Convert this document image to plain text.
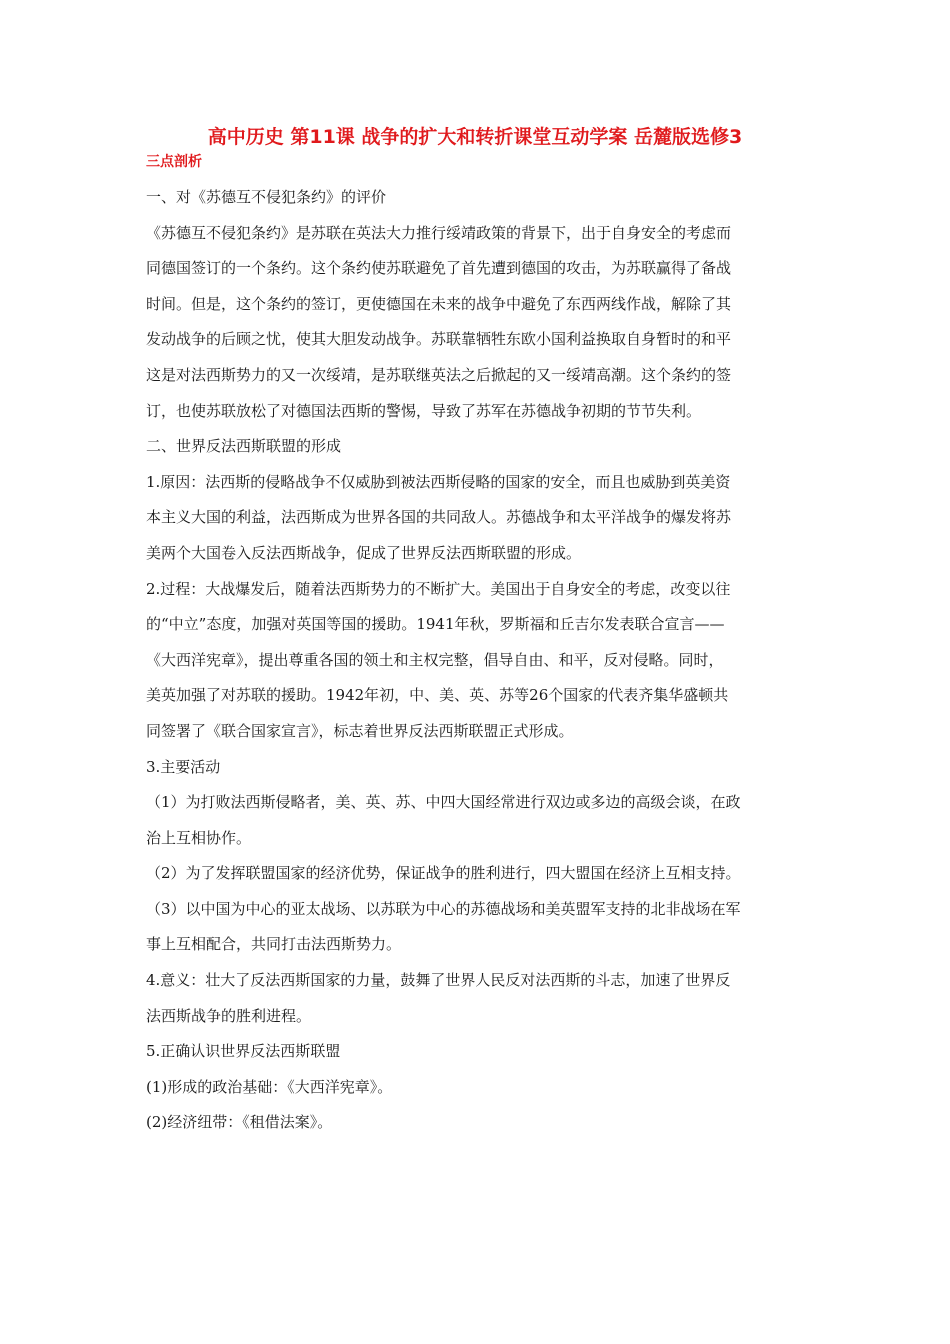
高中历史 第11课 战争的扩大和转折课堂互动学案 岳麓版选修3
三点剖析
一、对《苏德互不侵犯条约》的评价
《苏德互不侵犯条约》是苏联在英法大力推行绥靖政策的背景下，出于自身安全的考虑而
同德国签订的一个条约。这个条约使苏联避免了首先遭到德国的攻击，为苏联赢得了备战
时间。但是，这个条约的签订，更使德国在未来的战争中避免了东西两线作战，解除了其
发动战争的后顾之忧，使其大胆发动战争。苏联靠牺牲东欧小国利益换取自身暂时的和平
这是对法西斯势力的又一次绥靖，是苏联继英法之后掀起的又一绥靖高潮。这个条约的签
订，也使苏联放松了对德国法西斯的警惕，导致了苏军在苏德战争初期的节节失利。
二、世界反法西斯联盟的形成
1.原因：法西斯的侵略战争不仅威胁到被法西斯侵略的国家的安全，而且也威胁到英美资
本主义大国的利益，法西斯成为世界各国的共同敌人。苏德战争和太平洋战争的爆发将苏
美两个大国卷入反法西斯战争，促成了世界反法西斯联盟的形成。
2.过程：大战爆发后，随着法西斯势力的不断扩大。美国出于自身安全的考虑，改变以往
的“中立”态度，加强对英国等国的援助。1941年秋，罗斯福和丘吉尔发表联合宣言——
《大西洋宪章》，提出尊重各国的领土和主权完整，倡导自由、和平，反对侵略。同时，
美英加强了对苏联的援助。1942年初，中、美、英、苏等26个国家的代表齐集华盛顿共
同签署了《联合国家宣言》，标志着世界反法西斯联盟正式形成。
3.主要活动
（1）为打败法西斯侵略者，美、英、苏、中四大国经常进行双边或多边的高级会谈，在政
治上互相协作。
（2）为了发挥联盟国家的经济优势，保证战争的胜利进行，四大盟国在经济上互相支持。
（3）以中国为中心的亚太战场、以苏联为中心的苏德战场和美英盟军支持的北非战场在军
事上互相配合，共同打击法西斯势力。
4.意义：壮大了反法西斯国家的力量，鼓舞了世界人民反对法西斯的斗志，加速了世界反
法西斯战争的胜利进程。
5.正确认识世界反法西斯联盟
(1)形成的政治基础：《大西洋宪章》。
(2)经济纽带：《租借法案》。
